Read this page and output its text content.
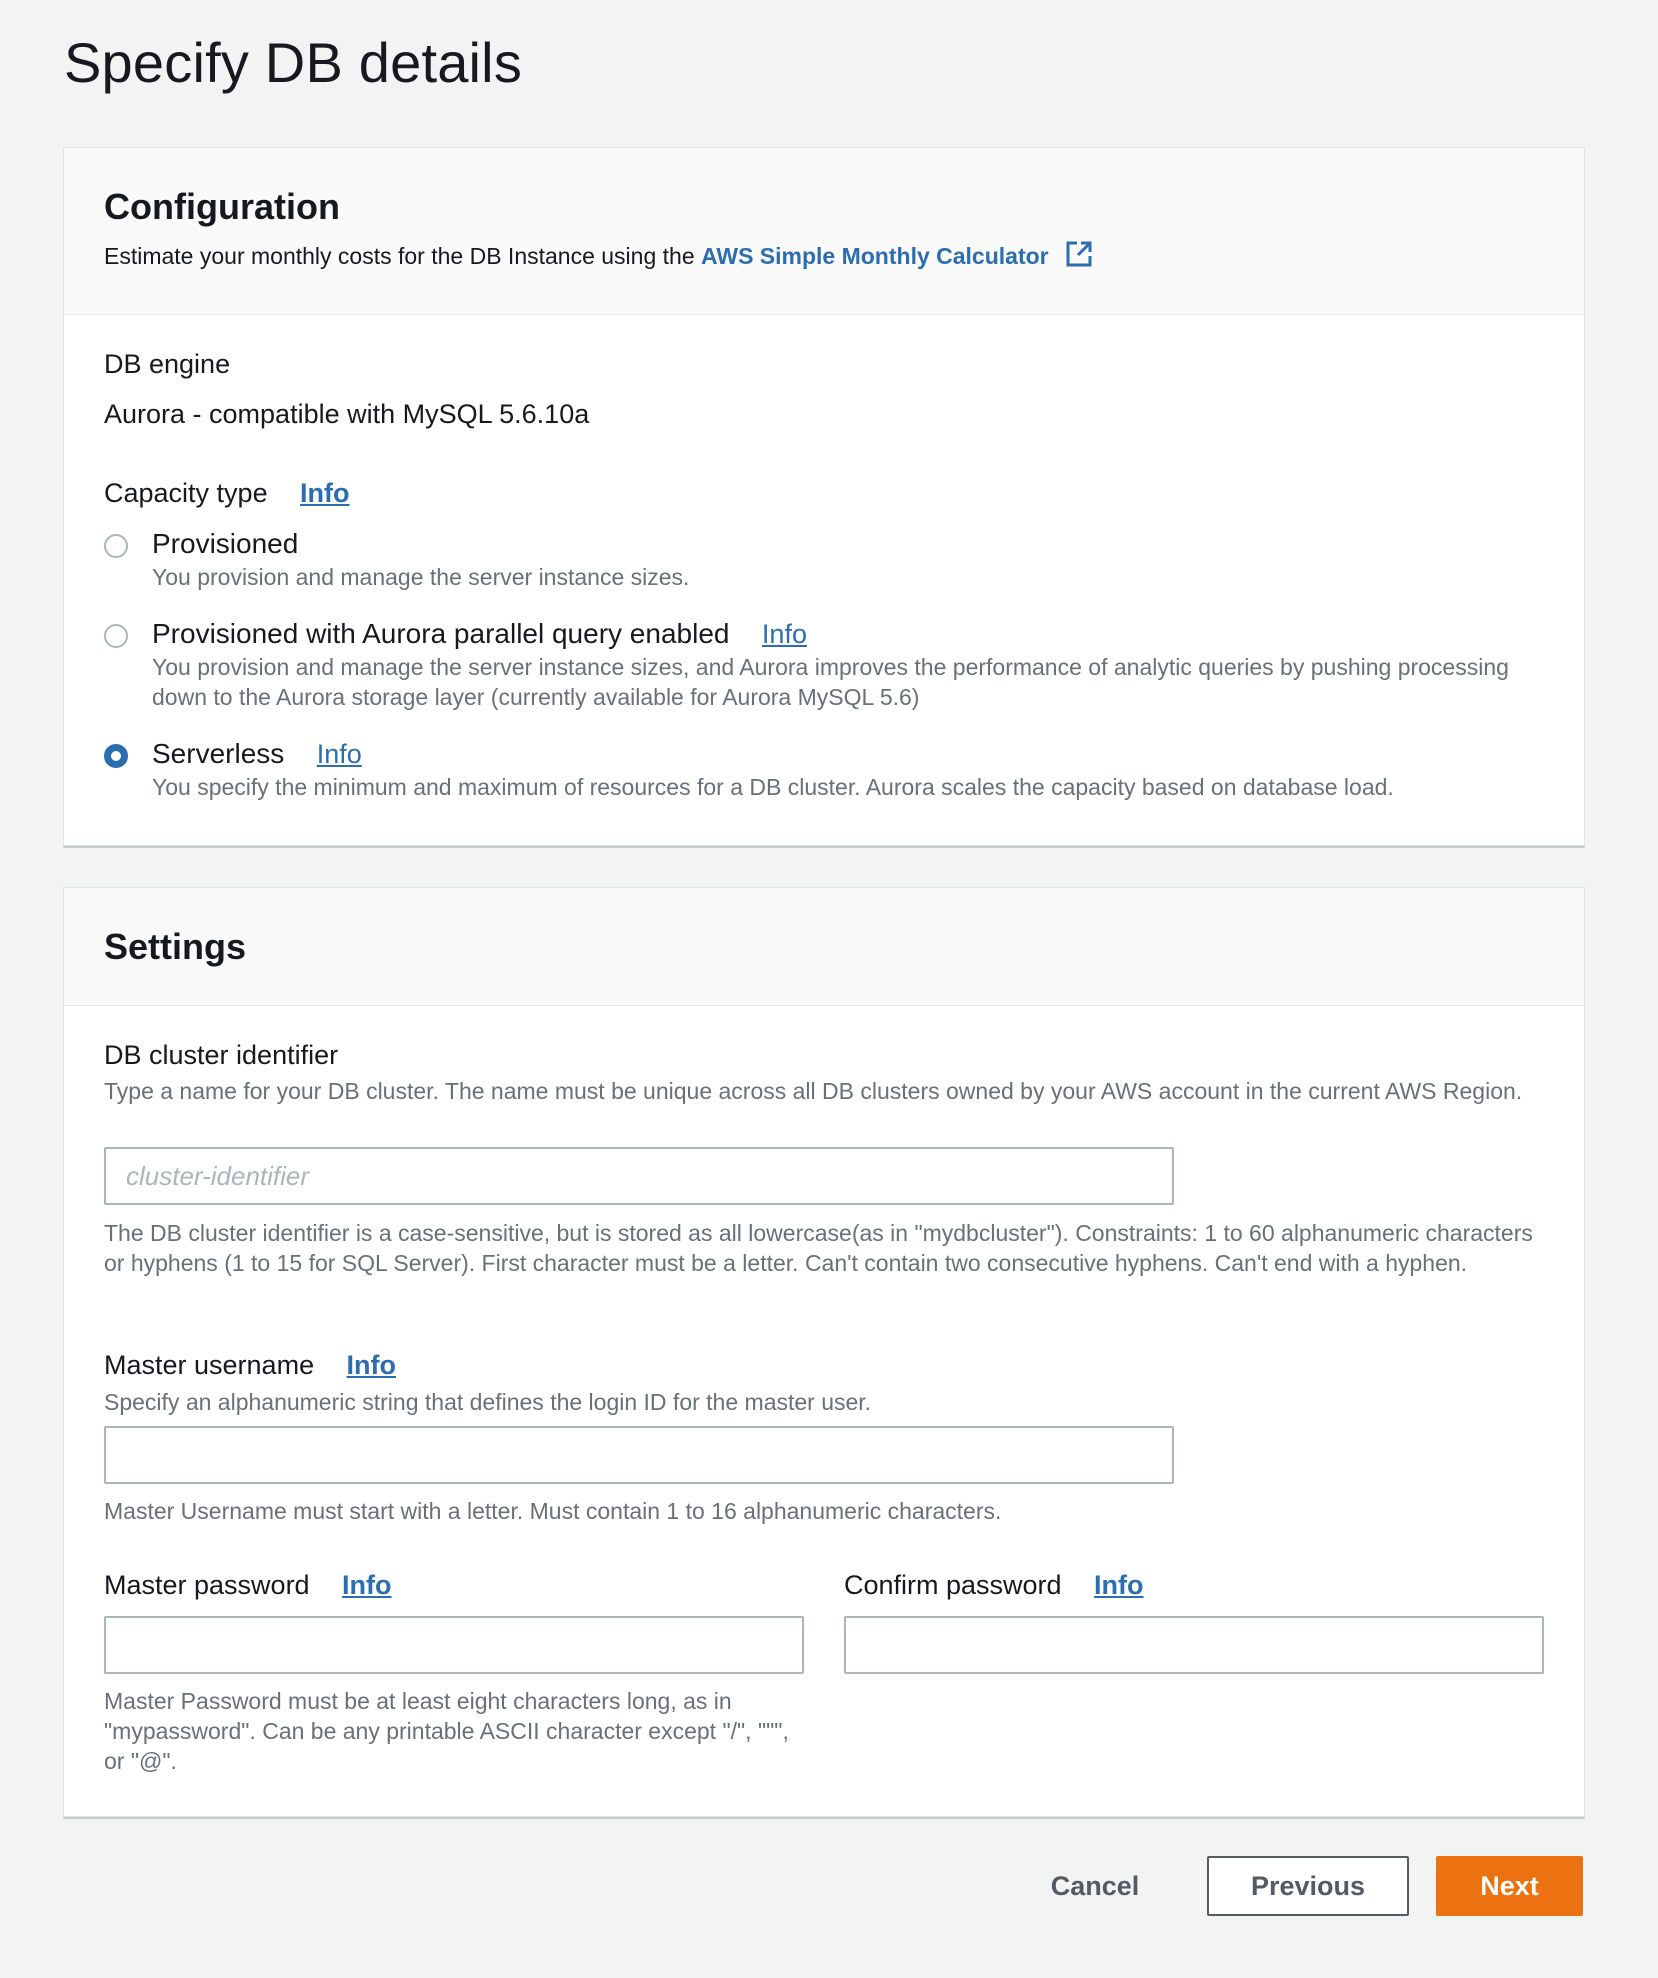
Specify DB details
Configuration
Estimate your monthly costs for the DB Instance using the AWS Simple Monthly Calculator
DB engine
Aurora - compatible with MySQL 5.6.10a
Capacity type Info
Provisioned
You provision and manage the server instance sizes.
Provisioned with Aurora parallel query enabled Info
You provision and manage the server instance sizes, and Aurora improves the performance of analytic queries by pushing processing down to the Aurora storage layer (currently available for Aurora MySQL 5.6)
Serverless Info
You specify the minimum and maximum of resources for a DB cluster. Aurora scales the capacity based on database load.
Settings
DB cluster identifier
Type a name for your DB cluster. The name must be unique across all DB clusters owned by your AWS account in the current AWS Region.
cluster-identifier
The DB cluster identifier is a case-sensitive, but is stored as all lowercase(as in "mydbcluster"). Constraints: 1 to 60 alphanumeric characters or hyphens (1 to 15 for SQL Server). First character must be a letter. Can't contain two consecutive hyphens. Can't end with a hyphen.
Master username Info
Specify an alphanumeric string that defines the login ID for the master user.
Master Username must start with a letter. Must contain 1 to 16 alphanumeric characters.
Master password Info
Master Password must be at least eight characters long, as in "mypassword". Can be any printable ASCII character except "/", """, or "@".
Confirm password Info
Cancel	Previous	Next
